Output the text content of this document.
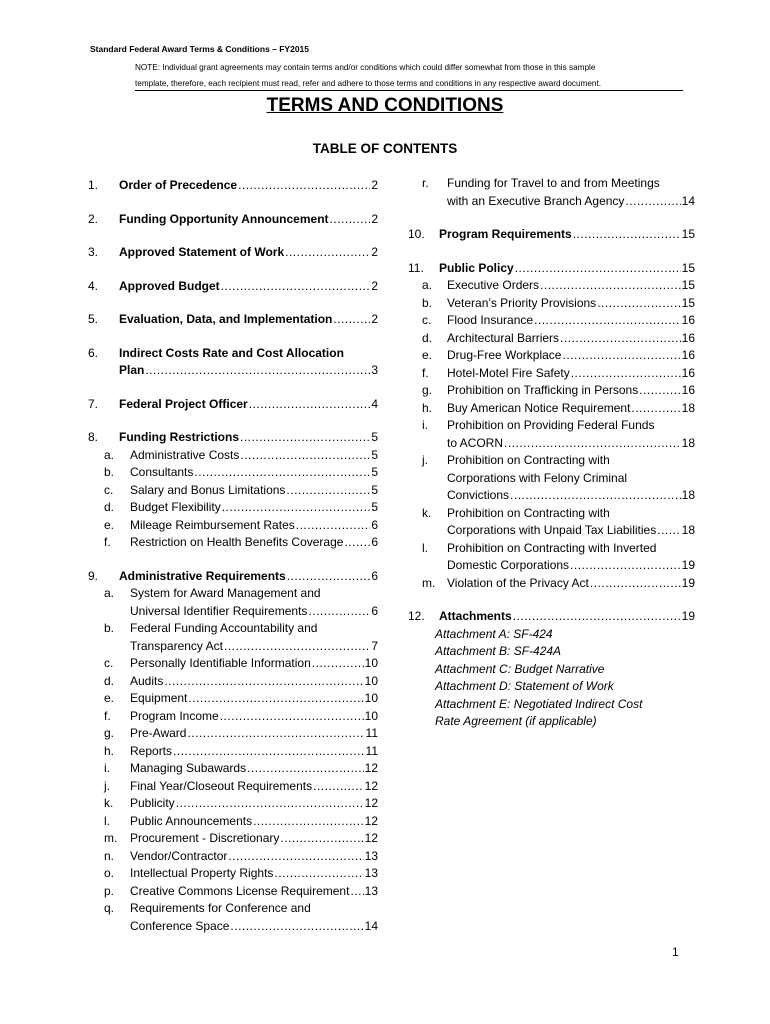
Standard Federal Award Terms & Conditions – FY2015
NOTE: Individual grant agreements may contain terms and/or conditions which could differ somewhat from those in this sample
template, therefore, each recipient must read, refer and adhere to those terms and conditions in any respective award document.
TERMS AND CONDITIONS
TABLE OF CONTENTS
1. Order of Precedence .....	2
2. Funding Opportunity Announcement .....	2
3. Approved Statement of Work .....	2
4. Approved Budget .....	2
5. Evaluation, Data, and Implementation .....	2
6. Indirect Costs Rate and Cost Allocation
Plan .....	3
7. Federal Project Officer .....	4
8. Funding Restrictions .....	5
a. Administrative Costs .....	5
b. Consultants .....	5
c. Salary and Bonus Limitations .....	5
d. Budget Flexibility .....	5
e. Mileage Reimbursement Rates .....	6
f. Restriction on Health Benefits Coverage ..... 6
9. Administrative Requirements .....	6
a. System for Award Management and
Universal Identifier Requirements .....	6
b. Federal Funding Accountability and
Transparency Act .....	7
c. Personally Identifiable Information .....	10
d. Audits .....	10
e. Equipment .....	10
f. Program Income .....	10
g. Pre-Award .....	11
h. Reports .....	11
i. Managing Subawards .....	12
j. Final Year/Closeout Requirements .....	12
k. Publicity .....	12
l. Public Announcements .....	12
m. Procurement - Discretionary .....	12
n. Vendor/Contractor .....	13
o. Intellectual Property Rights .....	13
p. Creative Commons License Requirement ..... 13
q. Requirements for Conference and
Conference Space .....	14
r. Funding for Travel to and from Meetings
with an Executive Branch Agency .....	14
10. Program Requirements .....	15
11. Public Policy .....	15
a. Executive Orders .....	15
b. Veteran’s Priority Provisions .....	15
c. Flood Insurance .....	16
d. Architectural Barriers .....	16
e. Drug-Free Workplace .....	16
f. Hotel-Motel Fire Safety .....	16
g. Prohibition on Trafficking in Persons .....	16
h. Buy American Notice Requirement .....	18
i. Prohibition on Providing Federal Funds
to ACORN .....	18
j. Prohibition on Contracting with
Corporations with Felony Criminal
Convictions .....	18
k. Prohibition on Contracting with
Corporations with Unpaid Tax Liabilities ..... 18
l. Prohibition on Contracting with Inverted
Domestic Corporations .....	19
m. Violation of the Privacy Act .....	19
12. Attachments .....	19
Attachment A: SF-424
Attachment B: SF-424A
Attachment C: Budget Narrative
Attachment D: Statement of Work
Attachment E: Negotiated Indirect Cost
Rate Agreement (if applicable)
1
